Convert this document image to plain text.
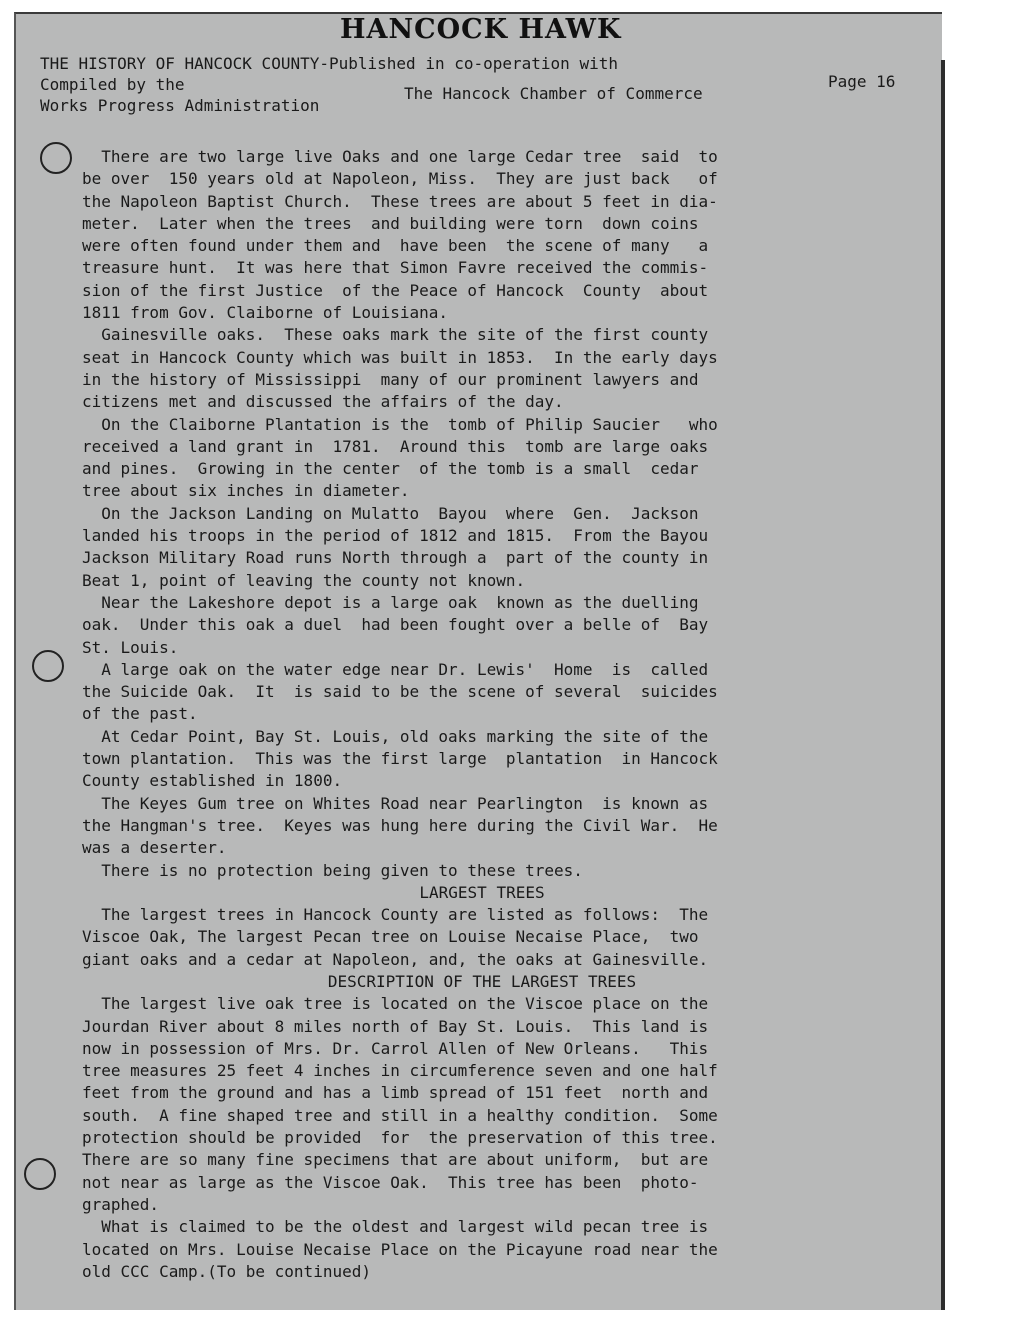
HANCOCK HAWK
THE HISTORY OF HANCOCK COUNTY-Published in co-operation with
Compiled by the	The Hancock Chamber of Commerce
Works Progress Administration
Page 16

There are two large live Oaks and one large Cedar tree  said  to

be over  150 years old at Napoleon, Miss.  They are just back   of

the Napoleon Baptist Church.  These trees are about 5 feet in dia-

meter.  Later when the trees  and building were torn  down coins

were often found under them and  have been  the scene of many   a

treasure hunt.  It was here that Simon Favre received the commis-

sion of the first Justice  of the Peace of Hancock  County  about

1811 from Gov. Claiborne of Louisiana.

Gainesville oaks.  These oaks mark the site of the first county

seat in Hancock County which was built in 1853.  In the early days

in the history of Mississippi  many of our prominent lawyers and

citizens met and discussed the affairs of the day.

On the Claiborne Plantation is the  tomb of Philip Saucier   who

received a land grant in  1781.  Around this  tomb are large oaks

and pines.  Growing in the center  of the tomb is a small  cedar

tree about six inches in diameter.

On the Jackson Landing on Mulatto  Bayou  where  Gen.  Jackson

landed his troops in the period of 1812 and 1815.  From the Bayou

Jackson Military Road runs North through a  part of the county in

Beat 1, point of leaving the county not known.

Near the Lakeshore depot is a large oak  known as the duelling

oak.  Under this oak a duel  had been fought over a belle of  Bay

St. Louis.

A large oak on the water edge near Dr. Lewis'  Home  is  called

the Suicide Oak.  It  is said to be the scene of several  suicides

of the past.

At Cedar Point, Bay St. Louis, old oaks marking the site of the

town plantation.  This was the first large  plantation  in Hancock

County established in 1800.

The Keyes Gum tree on Whites Road near Pearlington  is known as

the Hangman's tree.  Keyes was hung here during the Civil War.  He

was a deserter.

There is no protection being given to these trees.

LARGEST TREES

The largest trees in Hancock County are listed as follows:  The

Viscoe Oak, The largest Pecan tree on Louise Necaise Place,  two

giant oaks and a cedar at Napoleon, and, the oaks at Gainesville.

DESCRIPTION OF THE LARGEST TREES

The largest live oak tree is located on the Viscoe place on the

Jourdan River about 8 miles north of Bay St. Louis.  This land is

now in possession of Mrs. Dr. Carrol Allen of New Orleans.   This

tree measures 25 feet 4 inches in circumference seven and one half

feet from the ground and has a limb spread of 151 feet  north and

south.  A fine shaped tree and still in a healthy condition.  Some

protection should be provided  for  the preservation of this tree.

There are so many fine specimens that are about uniform,  but are

not near as large as the Viscoe Oak.  This tree has been  photo-

graphed.

What is claimed to be the oldest and largest wild pecan tree is

located on Mrs. Louise Necaise Place on the Picayune road near the

old CCC Camp.(To be continued)
